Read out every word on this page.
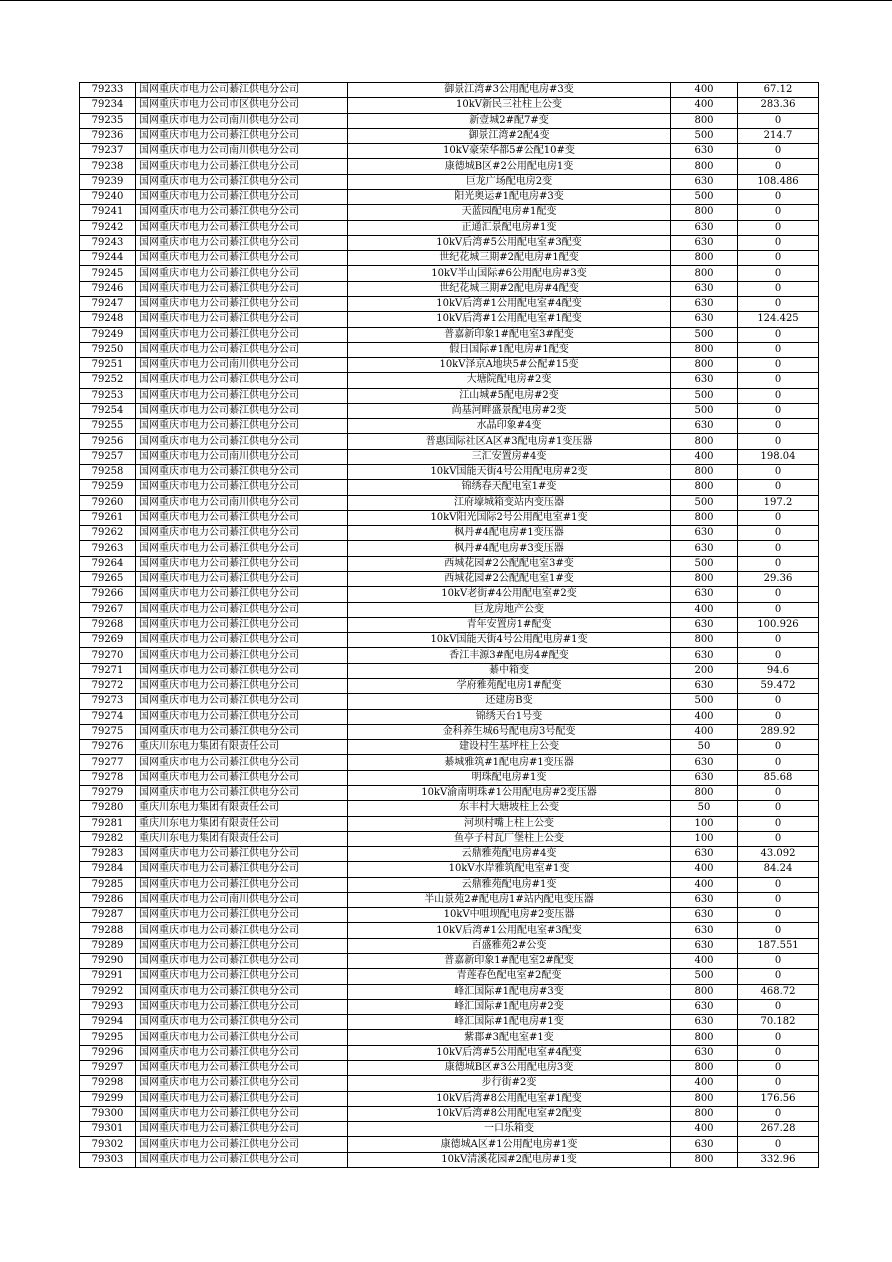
79233	国网重庆市电力公司綦江供电分公司	御景江湾#3公用配电房#3变	400	67.12
79234	国网重庆市电力公司市区供电分公司	10kV新民三社柱上公变	400	283.36
79235	国网重庆市电力公司南川供电分公司	新壹城2#配7#变	800	0
79236	国网重庆市电力公司綦江供电分公司	御景江湾#2配4变	500	214.7
79237	国网重庆市电力公司南川供电分公司	10kV豪荣华都5#公配10#变	630	0
79238	国网重庆市电力公司綦江供电分公司	康德城B区#2公用配电房1变	800	0
79239	国网重庆市电力公司綦江供电分公司	巨龙广场配电房2变	630	108.486
79240	国网重庆市电力公司綦江供电分公司	阳光奥运#1配电房#3变	500	0
79241	国网重庆市电力公司綦江供电分公司	天蓝园配电房#1配变	800	0
79242	国网重庆市电力公司綦江供电分公司	正通汇景配电房#1变	630	0
79243	国网重庆市电力公司綦江供电分公司	10kV后湾#5公用配电室#3配变	630	0
79244	国网重庆市电力公司綦江供电分公司	世纪花城三期#2配电房#1配变	800	0
79245	国网重庆市电力公司綦江供电分公司	10kV半山国际#6公用配电房#3变	800	0
79246	国网重庆市电力公司綦江供电分公司	世纪花城三期#2配电房#4配变	630	0
79247	国网重庆市电力公司綦江供电分公司	10kV后湾#1公用配电室#4配变	630	0
79248	国网重庆市电力公司綦江供电分公司	10kV后湾#1公用配电室#1配变	630	124.425
79249	国网重庆市电力公司綦江供电分公司	普嘉新印象1#配电室3#配变	500	0
79250	国网重庆市电力公司綦江供电分公司	假日国际#1配电房#1配变	800	0
79251	国网重庆市电力公司南川供电分公司	10kV泽京A地块5#公配#15变	800	0
79252	国网重庆市电力公司綦江供电分公司	大塘院配电房#2变	630	0
79253	国网重庆市电力公司綦江供电分公司	江山城#5配电房#2变	500	0
79254	国网重庆市电力公司綦江供电分公司	尚基河畔盛景配电房#2变	500	0
79255	国网重庆市电力公司綦江供电分公司	水晶印象#4变	630	0
79256	国网重庆市电力公司綦江供电分公司	普惠国际社区A区#3配电房#1变压器	800	0
79257	国网重庆市电力公司南川供电分公司	三汇安置房#4变	400	198.04
79258	国网重庆市电力公司綦江供电分公司	10kV国能天街4号公用配电房#2变	800	0
79259	国网重庆市电力公司綦江供电分公司	锦绣春天配电室1#变	800	0
79260	国网重庆市电力公司南川供电分公司	江府壕城箱变站内变压器	500	197.2
79261	国网重庆市电力公司綦江供电分公司	10kV阳光国际2号公用配电室#1变	800	0
79262	国网重庆市电力公司綦江供电分公司	枫丹#4配电房#1变压器	630	0
79263	国网重庆市电力公司綦江供电分公司	枫丹#4配电房#3变压器	630	0
79264	国网重庆市电力公司綦江供电分公司	西城花园#2公配配电室3#变	500	0
79265	国网重庆市电力公司綦江供电分公司	西城花园#2公配配电室1#变	800	29.36
79266	国网重庆市电力公司綦江供电分公司	10kV老街#4公用配电室#2变	630	0
79267	国网重庆市电力公司綦江供电分公司	巨龙房地产公变	400	0
79268	国网重庆市电力公司綦江供电分公司	青年安置房1#配变	630	100.926
79269	国网重庆市电力公司綦江供电分公司	10kV国能天街4号公用配电房#1变	800	0
79270	国网重庆市电力公司綦江供电分公司	香江丰源3#配电房4#配变	630	0
79271	国网重庆市电力公司綦江供电分公司	綦中箱变	200	94.6
79272	国网重庆市电力公司綦江供电分公司	学府雅苑配电房1#配变	630	59.472
79273	国网重庆市电力公司綦江供电分公司	还建房B变	500	0
79274	国网重庆市电力公司綦江供电分公司	锦绣天台1号变	400	0
79275	国网重庆市电力公司綦江供电分公司	金科养生城6号配电房3号配变	400	289.92
79276	重庆川东电力集团有限责任公司	建设村生基坪柱上公变	50	0
79277	国网重庆市电力公司綦江供电分公司	綦城雅筑#1配电房#1变压器	630	0
79278	国网重庆市电力公司綦江供电分公司	明珠配电房#1变	630	85.68
79279	国网重庆市电力公司綦江供电分公司	10kV渝南明珠#1公用配电房#2变压器	800	0
79280	重庆川东电力集团有限责任公司	东丰村大塘坡柱上公变	50	0
79281	重庆川东电力集团有限责任公司	河坝村嘴上柱上公变	100	0
79282	重庆川东电力集团有限责任公司	鱼亭子村瓦厂堡柱上公变	100	0
79283	国网重庆市电力公司綦江供电分公司	云鼎雅苑配电房#4变	630	43.092
79284	国网重庆市电力公司綦江供电分公司	10kV水岸雅筑配电室#1变	400	84.24
79285	国网重庆市电力公司綦江供电分公司	云鼎雅苑配电房#1变	400	0
79286	国网重庆市电力公司南川供电分公司	半山景苑2#配电房1#站内配电变压器	630	0
79287	国网重庆市电力公司綦江供电分公司	10kV中咀坝配电房#2变压器	630	0
79288	国网重庆市电力公司綦江供电分公司	10kV后湾#1公用配电室#3配变	630	0
79289	国网重庆市电力公司綦江供电分公司	百盛雅苑2#公变	630	187.551
79290	国网重庆市电力公司綦江供电分公司	普嘉新印象1#配电室2#配变	400	0
79291	国网重庆市电力公司綦江供电分公司	青莲春色配电室#2配变	500	0
79292	国网重庆市电力公司綦江供电分公司	峰汇国际#1配电房#3变	800	468.72
79293	国网重庆市电力公司綦江供电分公司	峰汇国际#1配电房#2变	630	0
79294	国网重庆市电力公司綦江供电分公司	峰汇国际#1配电房#1变	630	70.182
79295	国网重庆市电力公司綦江供电分公司	紫郡#3配电室#1变	800	0
79296	国网重庆市电力公司綦江供电分公司	10kV后湾#5公用配电室#4配变	630	0
79297	国网重庆市电力公司綦江供电分公司	康德城B区#3公用配电房3变	800	0
79298	国网重庆市电力公司綦江供电分公司	步行街#2变	400	0
79299	国网重庆市电力公司綦江供电分公司	10kV后湾#8公用配电室#1配变	800	176.56
79300	国网重庆市电力公司綦江供电分公司	10kV后湾#8公用配电室#2配变	800	0
79301	国网重庆市电力公司綦江供电分公司	一口乐箱变	400	267.28
79302	国网重庆市电力公司綦江供电分公司	康德城A区#1公用配电房#1变	630	0
79303	国网重庆市电力公司綦江供电分公司	10kV清溪花园#2配电房#1变	800	332.96
